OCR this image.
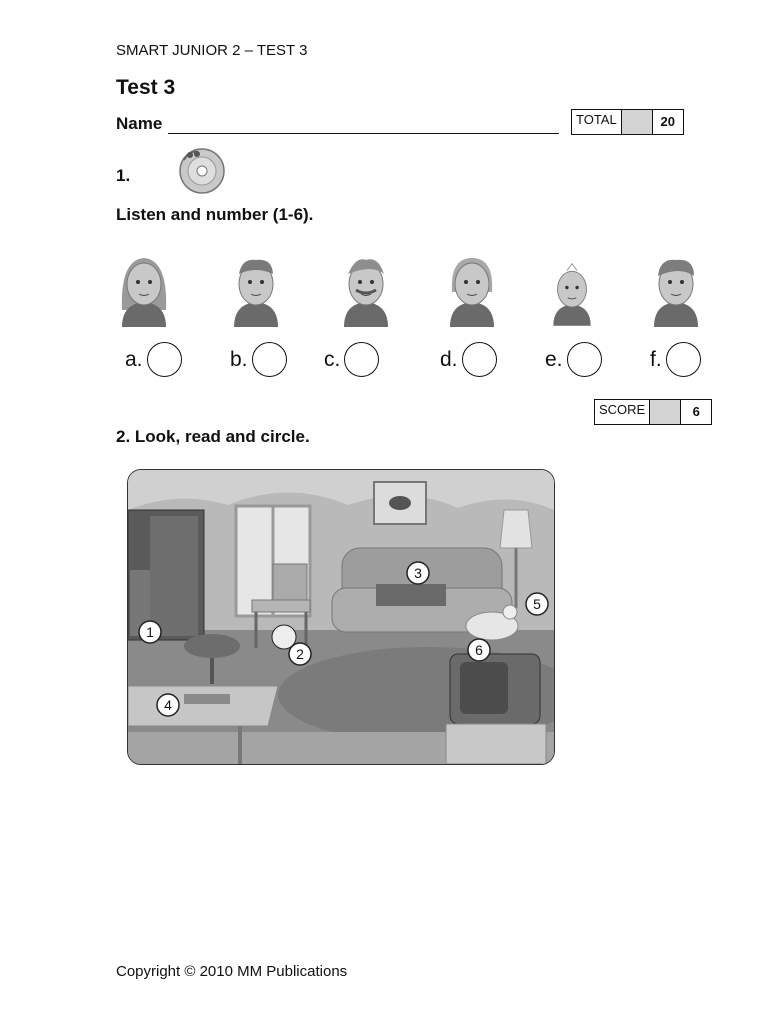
SMART JUNIOR 2 – TEST 3
Test 3
Name	TOTAL	20
1.
Listen and number (1-6).
a.	b.	c.	d.	e.	f.
SCORE	6
2. Look, read and circle.
1
2
3
4
5
6
Copyright © 2010 MM Publications
